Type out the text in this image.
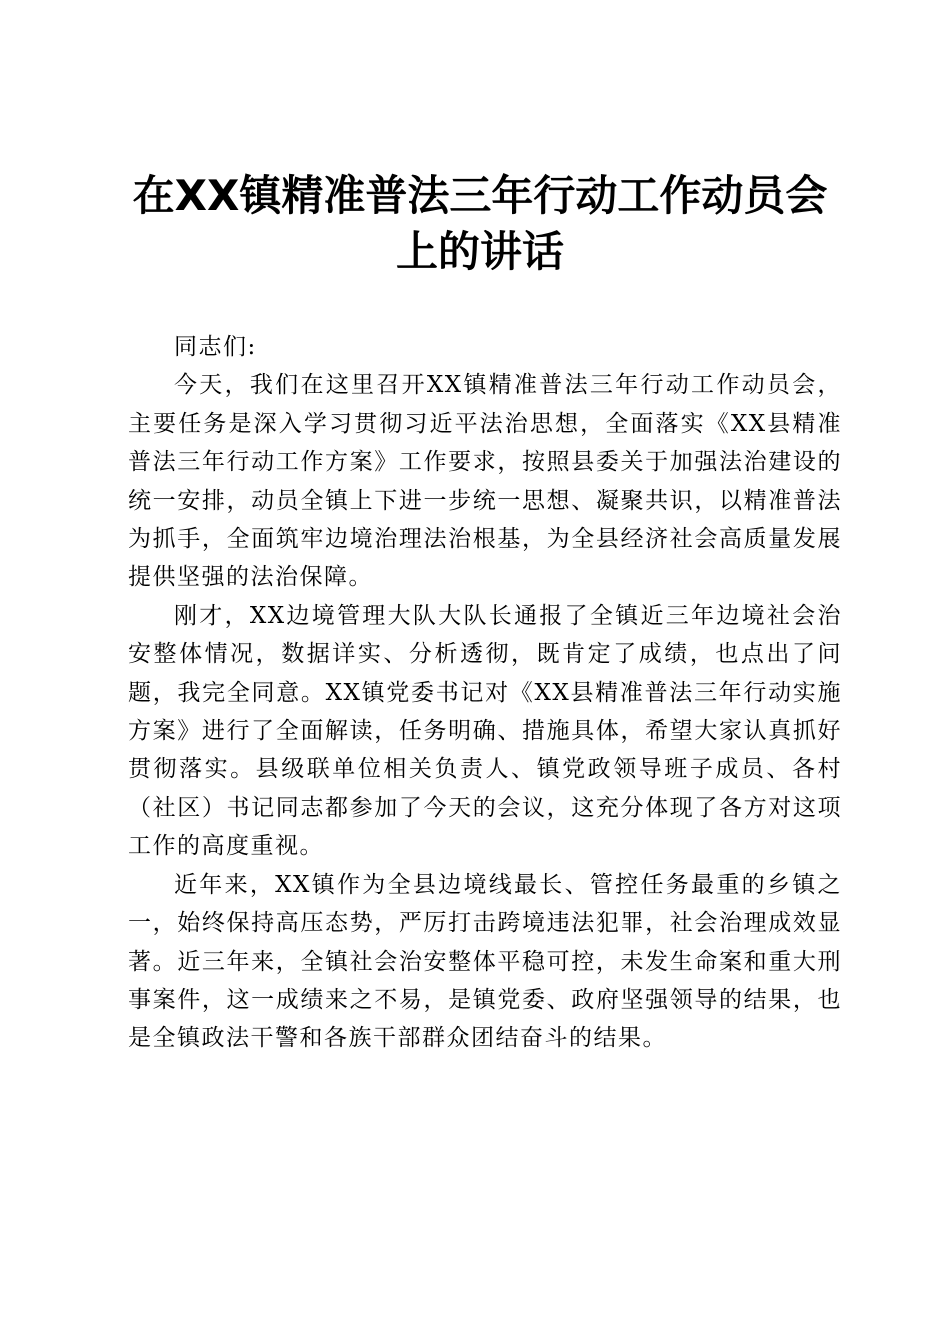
在XX镇精准普法三年行动工作动员会
上的讲话

同志们:

今天，我们在这里召开XX镇精准普法三年行动工作动员会，主要任务是深入学习贯彻习近平法治思想，全面落实《XX县精准普法三年行动工作方案》工作要求，按照县委关于加强法治建设的统一安排，动员全镇上下进一步统一思想、凝聚共识，以精准普法为抓手，全面筑牢边境治理法治根基，为全县经济社会高质量发展提供坚强的法治保障。

刚才，XX边境管理大队大队长通报了全镇近三年边境社会治安整体情况，数据详实、分析透彻，既肯定了成绩，也点出了问题，我完全同意。XX镇党委书记对《XX县精准普法三年行动实施方案》进行了全面解读，任务明确、措施具体，希望大家认真抓好贯彻落实。县级联单位相关负责人、镇党政领导班子成员、各村（社区）书记同志都参加了今天的会议，这充分体现了各方对这项工作的高度重视。

近年来，XX镇作为全县边境线最长、管控任务最重的乡镇之一，始终保持高压态势，严厉打击跨境违法犯罪，社会治理成效显著。近三年来，全镇社会治安整体平稳可控，未发生命案和重大刑事案件，这一成绩来之不易，是镇党委、政府坚强领导的结果，也是全镇政法干警和各族干部群众团结奋斗的结果。
